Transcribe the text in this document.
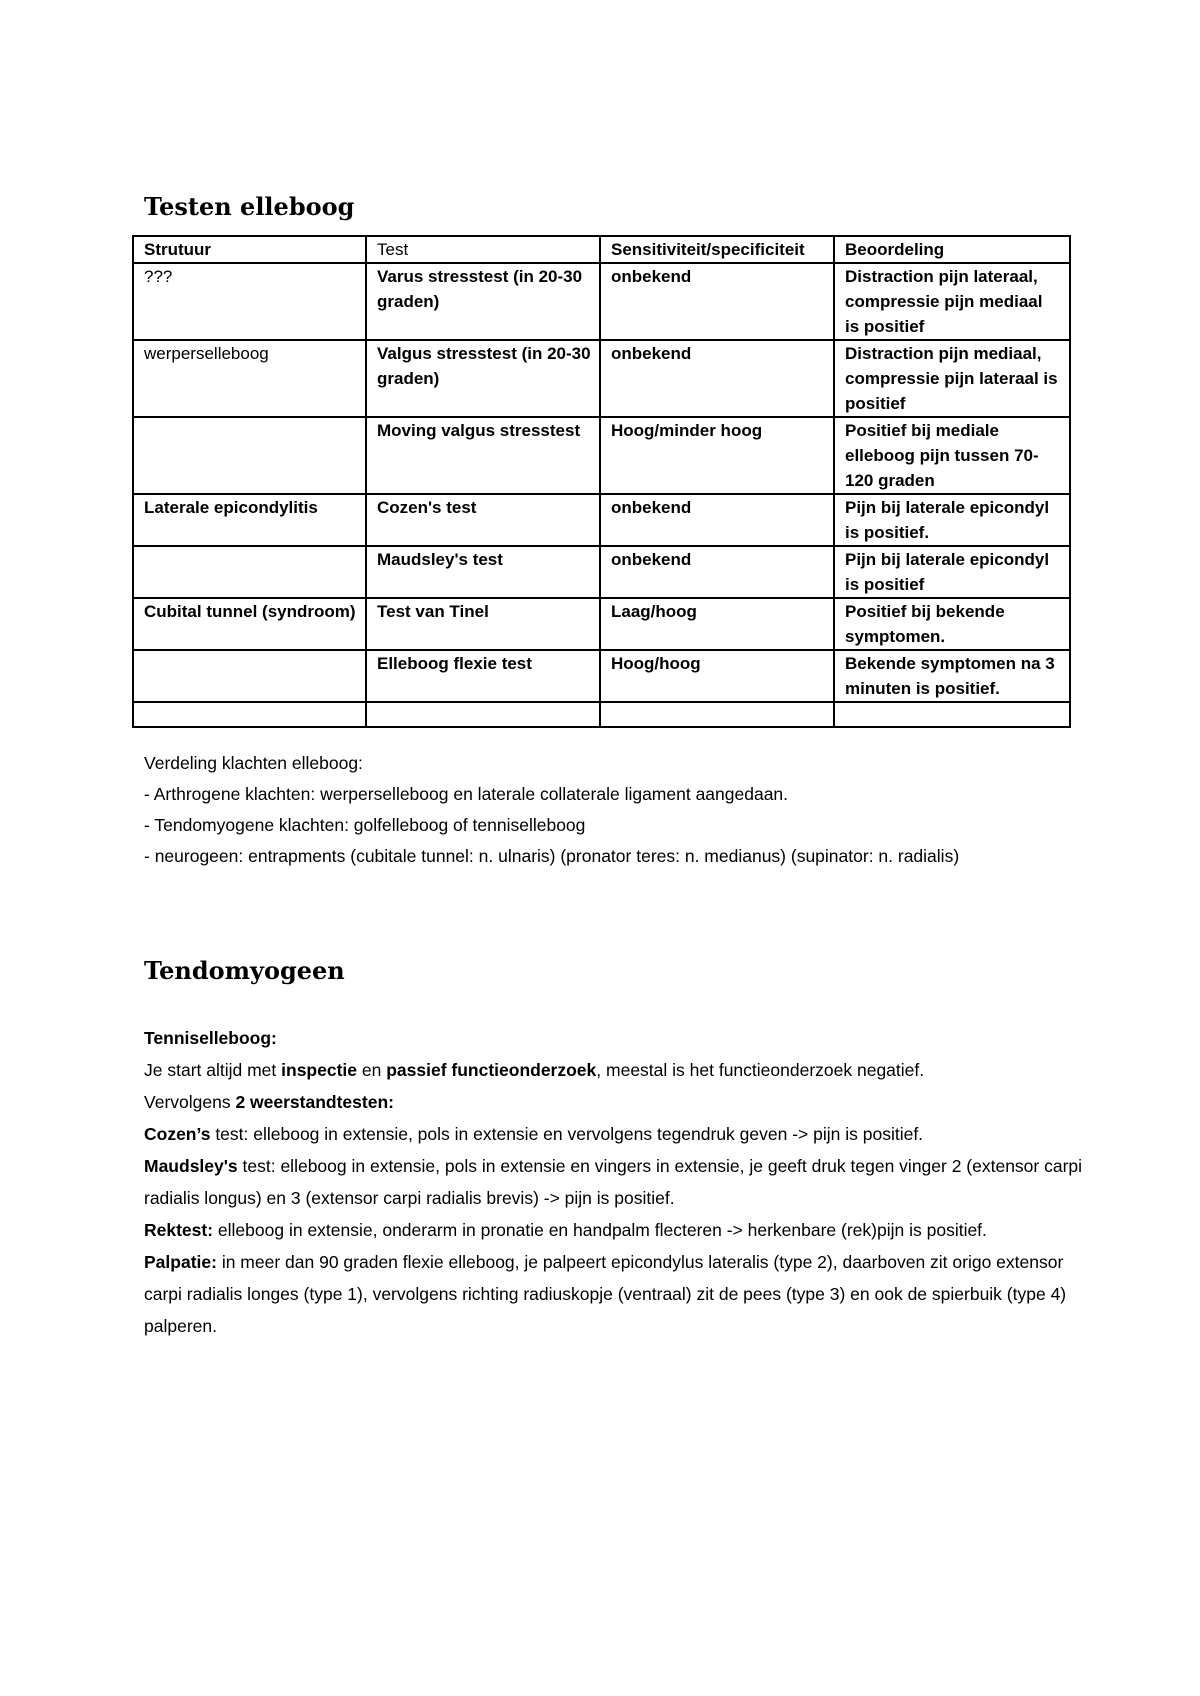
Testen elleboog
Strutuur	Test	Sensitiviteit/specificiteit	Beoordeling
???	Varus stresstest (in 20-30 graden)	onbekend	Distraction pijn lateraal, compressie pijn mediaal is positief
werperselleboog	Valgus stresstest (in 20-30 graden)	onbekend	Distraction pijn mediaal, compressie pijn lateraal is positief
	Moving valgus stresstest	Hoog/minder hoog	Positief bij mediale elleboog pijn tussen 70-120 graden
Laterale epicondylitis	Cozen's test	onbekend	Pijn bij laterale epicondyl is positief.
	Maudsley's test	onbekend	Pijn bij laterale epicondyl is positief
Cubital tunnel (syndroom)	Test van Tinel	Laag/hoog	Positief bij bekende symptomen.
	Elleboog flexie test	Hoog/hoog	Bekende symptomen na 3 minuten is positief.

Verdeling klachten elleboog:

- Arthrogene klachten: werperselleboog en laterale collaterale ligament aangedaan.

- Tendomyogene klachten: golfelleboog of tenniselleboog

- neurogeen: entrapments (cubitale tunnel: n. ulnaris) (pronator teres: n. medianus) (supinator: n. radialis)

Tendomyogeen

Tenniselleboog:

Je start altijd met inspectie en passief functieonderzoek, meestal is het functieonderzoek negatief.

Vervolgens 2 weerstandtesten:

Cozen’s test: elleboog in extensie, pols in extensie en vervolgens tegendruk geven -> pijn is positief.

Maudsley's test: elleboog in extensie, pols in extensie en vingers in extensie, je geeft druk tegen vinger 2 (extensor carpi radialis longus) en 3 (extensor carpi radialis brevis) -> pijn is positief.

Rektest: elleboog in extensie, onderarm in pronatie en handpalm flecteren -> herkenbare (rek)pijn is positief.

Palpatie: in meer dan 90 graden flexie elleboog, je palpeert epicondylus lateralis (type 2), daarboven zit origo extensor carpi radialis longes (type 1), vervolgens richting radiuskopje (ventraal) zit de pees (type 3) en ook de spierbuik (type 4) palperen.
